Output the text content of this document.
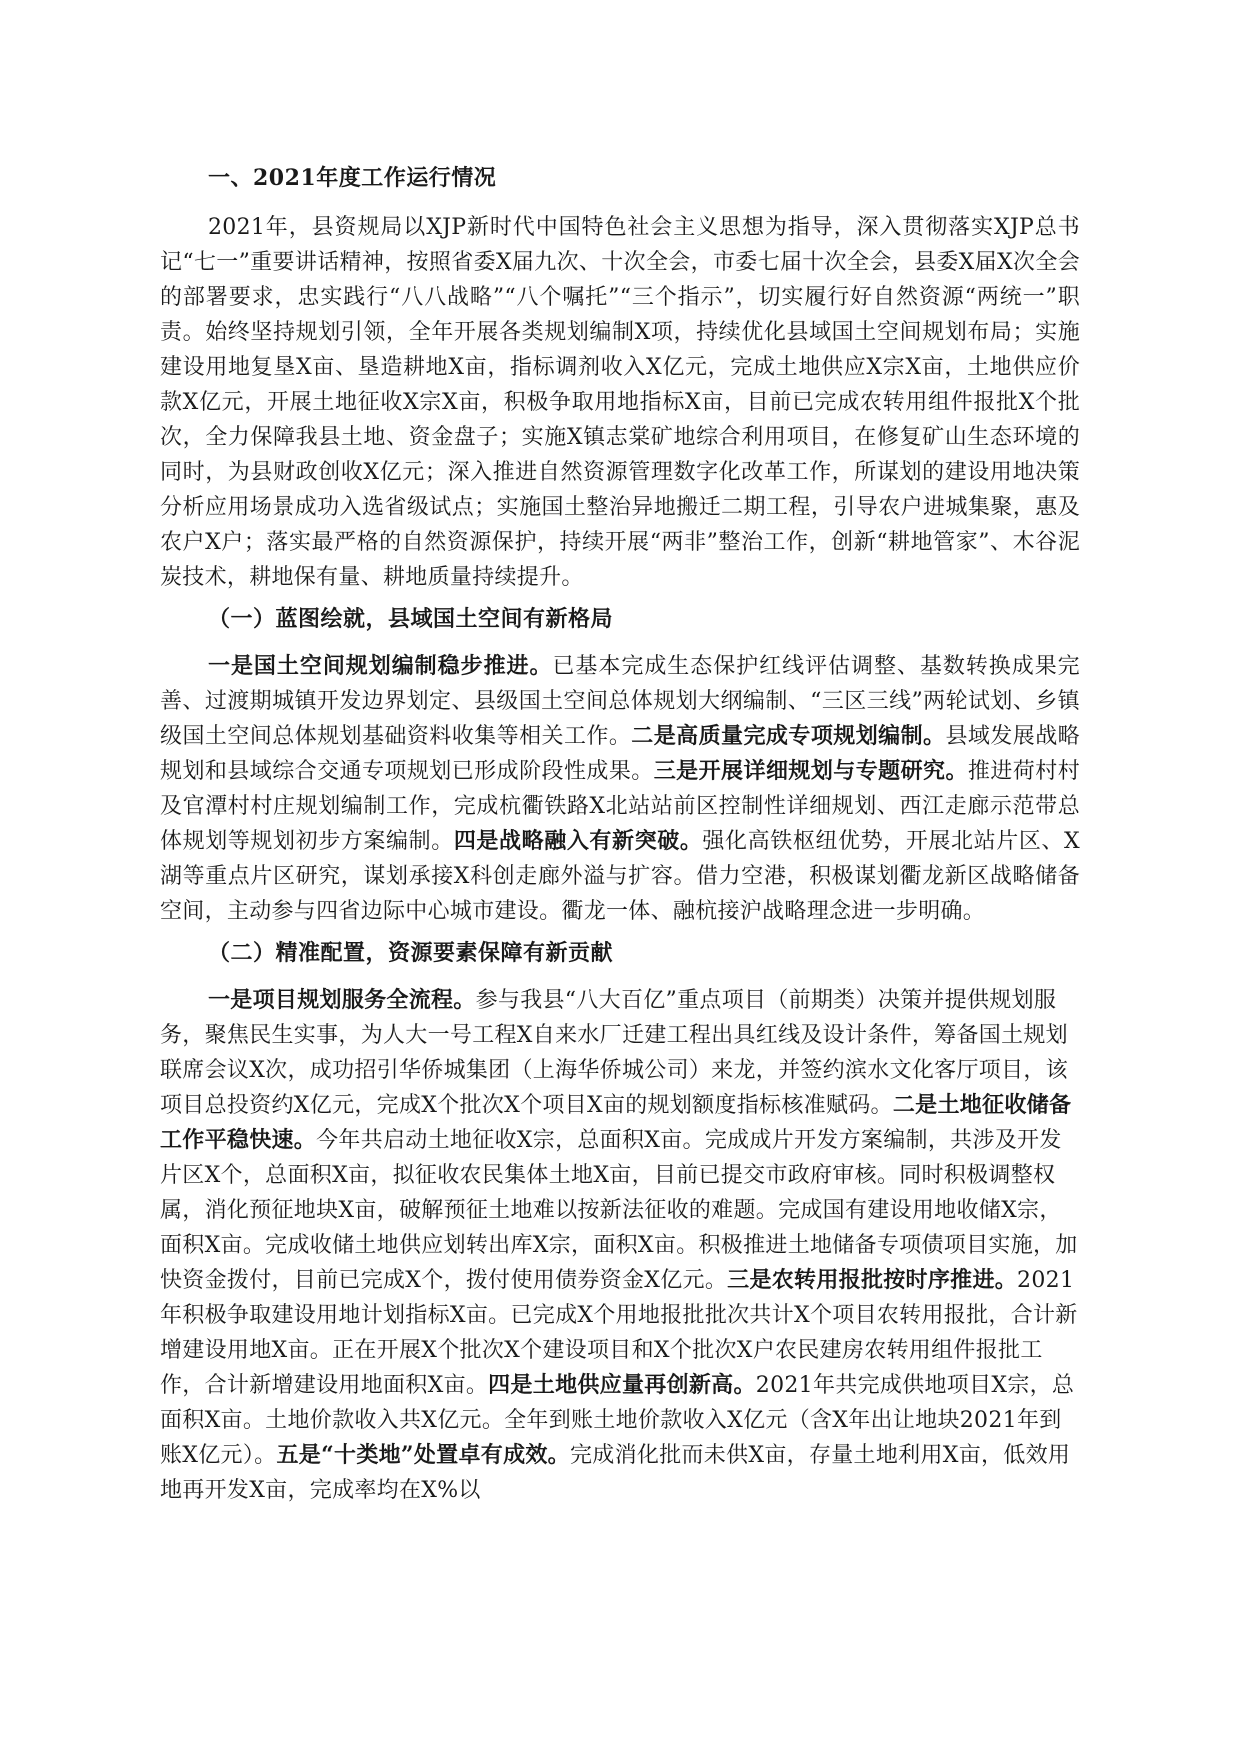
一、2021年度工作运行情况

2021年，县资规局以XJP新时代中国特色社会主义思想为指导，深入贯彻落实XJP总书记“七一”重要讲话精神，按照省委X届九次、十次全会，市委七届十次全会，县委X届X次全会的部署要求，忠实践行“八八战略”“八个嘱托”“三个指示”，切实履行好自然资源“两统一”职责。始终坚持规划引领，全年开展各类规划编制X项，持续优化县域国土空间规划布局；实施建设用地复垦X亩、垦造耕地X亩，指标调剂收入X亿元，完成土地供应X宗X亩，土地供应价款X亿元，开展土地征收X宗X亩，积极争取用地指标X亩，目前已完成农转用组件报批X个批次，全力保障我县土地、资金盘子；实施X镇志棠矿地综合利用项目，在修复矿山生态环境的同时，为县财政创收X亿元；深入推进自然资源管理数字化改革工作，所谋划的建设用地决策分析应用场景成功入选省级试点；实施国土整治异地搬迁二期工程，引导农户进城集聚，惠及农户X户；落实最严格的自然资源保护，持续开展“两非”整治工作，创新“耕地管家”、木谷泥炭技术，耕地保有量、耕地质量持续提升。

（一）蓝图绘就，县域国土空间有新格局

一是国土空间规划编制稳步推进。已基本完成生态保护红线评估调整、基数转换成果完善、过渡期城镇开发边界划定、县级国土空间总体规划大纲编制、“三区三线”两轮试划、乡镇级国土空间总体规划基础资料收集等相关工作。二是高质量完成专项规划编制。县域发展战略规划和县域综合交通专项规划已形成阶段性成果。三是开展详细规划与专题研究。推进荷村村及官潭村村庄规划编制工作，完成杭衢铁路X北站站前区控制性详细规划、西江走廊示范带总体规划等规划初步方案编制。四是战略融入有新突破。强化高铁枢纽优势，开展北站片区、X湖等重点片区研究，谋划承接X科创走廊外溢与扩容。借力空港，积极谋划衢龙新区战略储备空间，主动参与四省边际中心城市建设。衢龙一体、融杭接沪战略理念进一步明确。

（二）精准配置，资源要素保障有新贡献

一是项目规划服务全流程。参与我县“八大百亿”重点项目（前期类）决策并提供规划服务，聚焦民生实事，为人大一号工程X自来水厂迁建工程出具红线及设计条件，筹备国土规划联席会议X次，成功招引华侨城集团（上海华侨城公司）来龙，并签约滨水文化客厅项目，该项目总投资约X亿元，完成X个批次X个项目X亩的规划额度指标核准赋码。二是土地征收储备工作平稳快速。今年共启动土地征收X宗，总面积X亩。完成成片开发方案编制，共涉及开发片区X个，总面积X亩，拟征收农民集体土地X亩，目前已提交市政府审核。同时积极调整权属，消化预征地块X亩，破解预征土地难以按新法征收的难题。完成国有建设用地收储X宗，面积X亩。完成收储土地供应划转出库X宗，面积X亩。积极推进土地储备专项债项目实施，加快资金拨付，目前已完成X个，拨付使用债券资金X亿元。三是农转用报批按时序推进。2021年积极争取建设用地计划指标X亩。已完成X个用地报批批次共计X个项目农转用报批，合计新增建设用地X亩。正在开展X个批次X个建设项目和X个批次X户农民建房农转用组件报批工作，合计新增建设用地面积X亩。四是土地供应量再创新高。2021年共完成供地项目X宗，总面积X亩。土地价款收入共X亿元。全年到账土地价款收入X亿元（含X年出让地块2021年到账X亿元）。五是“十类地”处置卓有成效。完成消化批而未供X亩，存量土地利用X亩，低效用地再开发X亩，完成率均在X%以
